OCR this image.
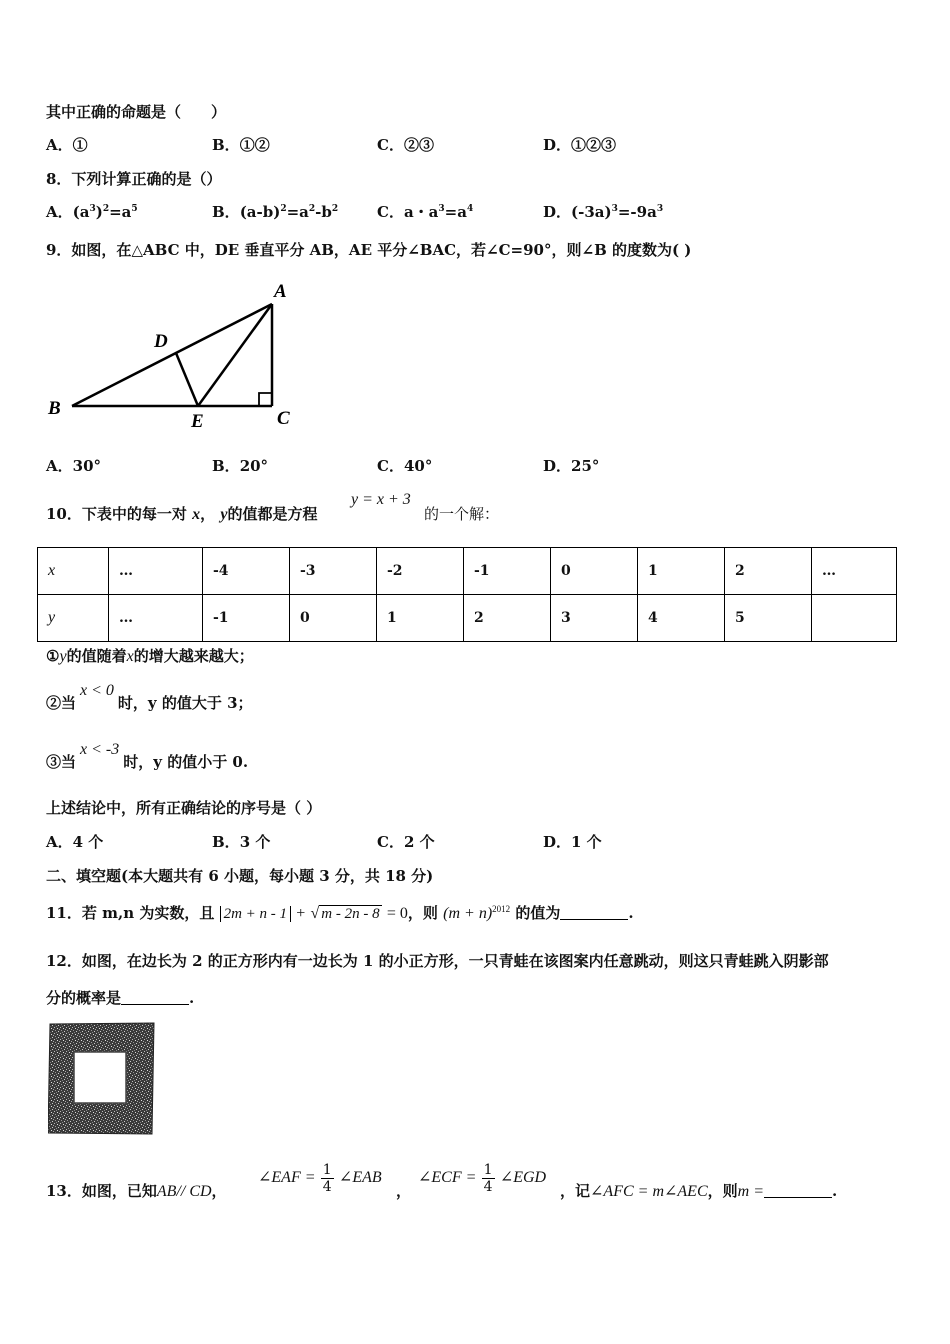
其中正确的命题是（　　）
A．①	B．①②	C．②③	D．①②③
8．下列计算正确的是（）
A．$(a^3)^2=a^5$	B．$(a-b)^2=a^2-b^2$	C．a・$a^3=a^4$	D．$(-3a)^3=-9a^3$
9．如图，在△ABC 中，DE 垂直平分 AB，AE 平分∠BAC，若∠C=90°，则∠B 的度数为( )
A
B	C
D
E
A．30°	B．20°	C．40°	D．25°
10．下表中的每一对 x， y的值都是方程
y = x + 3
的一个解：
x	…	-4	-3	-2	-1	0	1	2	…
y	…	-1	0	1	2	3	4	5	
①y的值随着x的增大越来越大；
②当x < 0时，y 的值大于 3；
③当x < -3时，y 的值小于 0.
上述结论中，所有正确结论的序号是（ ）
A．4 个	B．3 个	C．2 个	D．1 个
二、填空题(本大题共有 6 小题，每小题 3 分，共 18 分)
11．若 m,n 为实数，且 2m + n - 1 + √ m - 2n - 8 = 0，则 $(m + n)^{2012}$ 的值为	.
12．如图，在边长为 2 的正方形内有一边长为 1 的小正方形，一只青蛙在该图案内任意跳动，则这只青蛙跳入阴影部
分的概率是	.
13．如图，已知AB// CD，
∠EAF = $\frac{1}{4}$ ∠EAB
，
∠ECF = $\frac{1}{4}$ ∠EGD
，记∠AFC = m∠AEC，则m =	.
